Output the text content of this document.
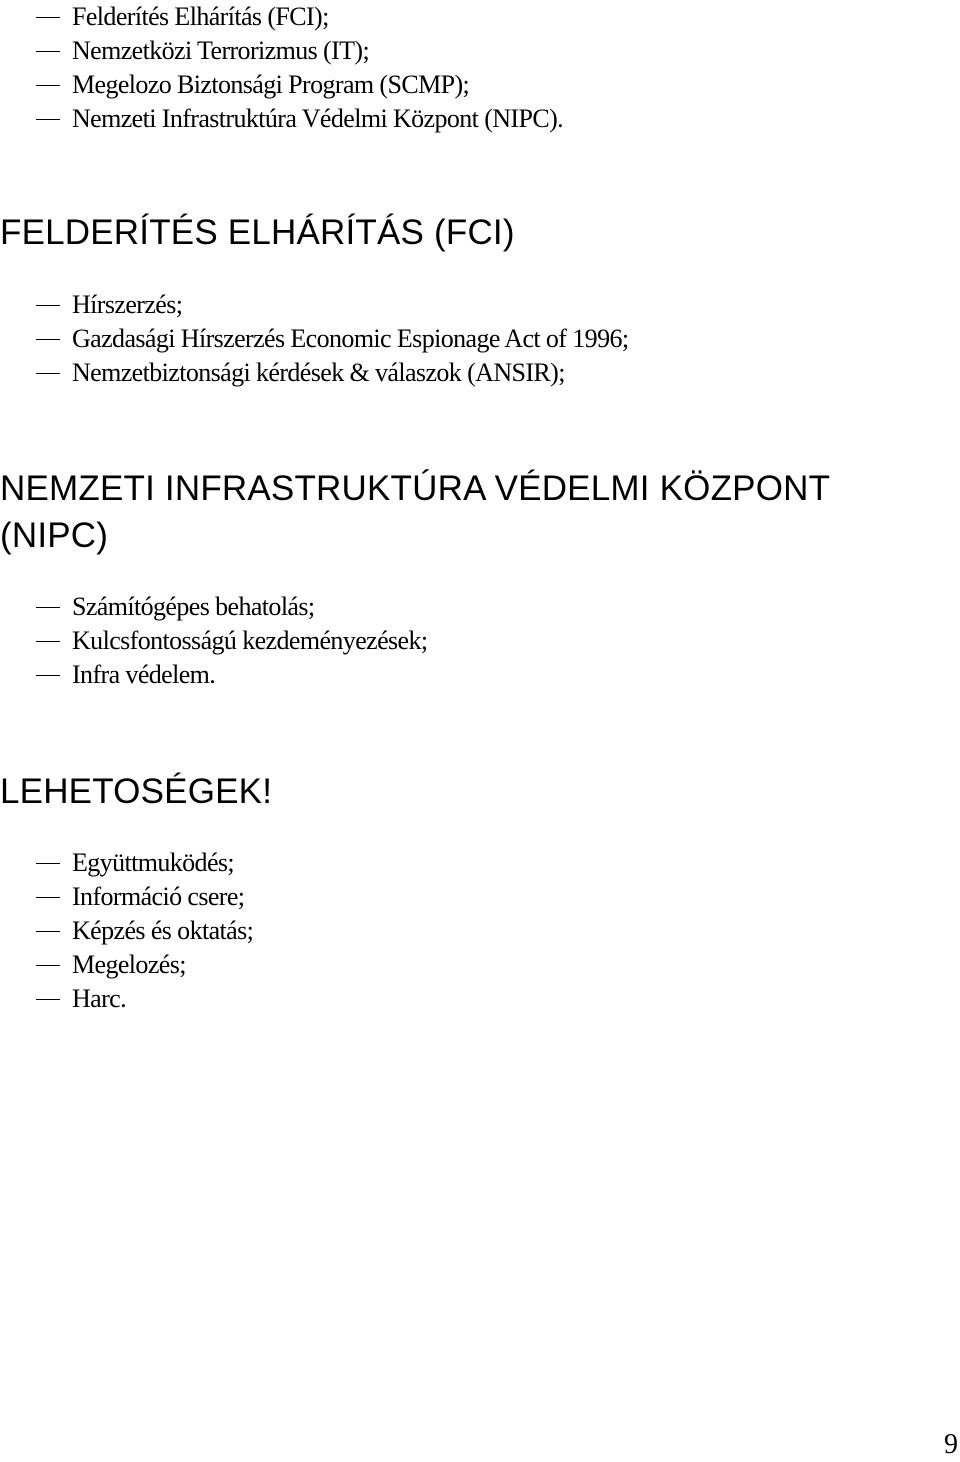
Felderítés Elhárítás (FCI);
Nemzetközi Terrorizmus (IT);
Megelozo Biztonsági Program (SCMP);
Nemzeti Infrastruktúra Védelmi Központ (NIPC).
FELDERÍTÉS ELHÁRÍTÁS (FCI)
Hírszerzés;
Gazdasági Hírszerzés Economic Espionage Act of 1996;
Nemzetbiztonsági kérdések & válaszok (ANSIR);
NEMZETI INFRASTRUKTÚRA VÉDELMI KÖZPONT
(NIPC)
Számítógépes behatolás;
Kulcsfontosságú kezdeményezések;
Infra védelem.
LEHETOSÉGEK!
Együttmuködés;
Információ csere;
Képzés és oktatás;
Megelozés;
Harc.
9
